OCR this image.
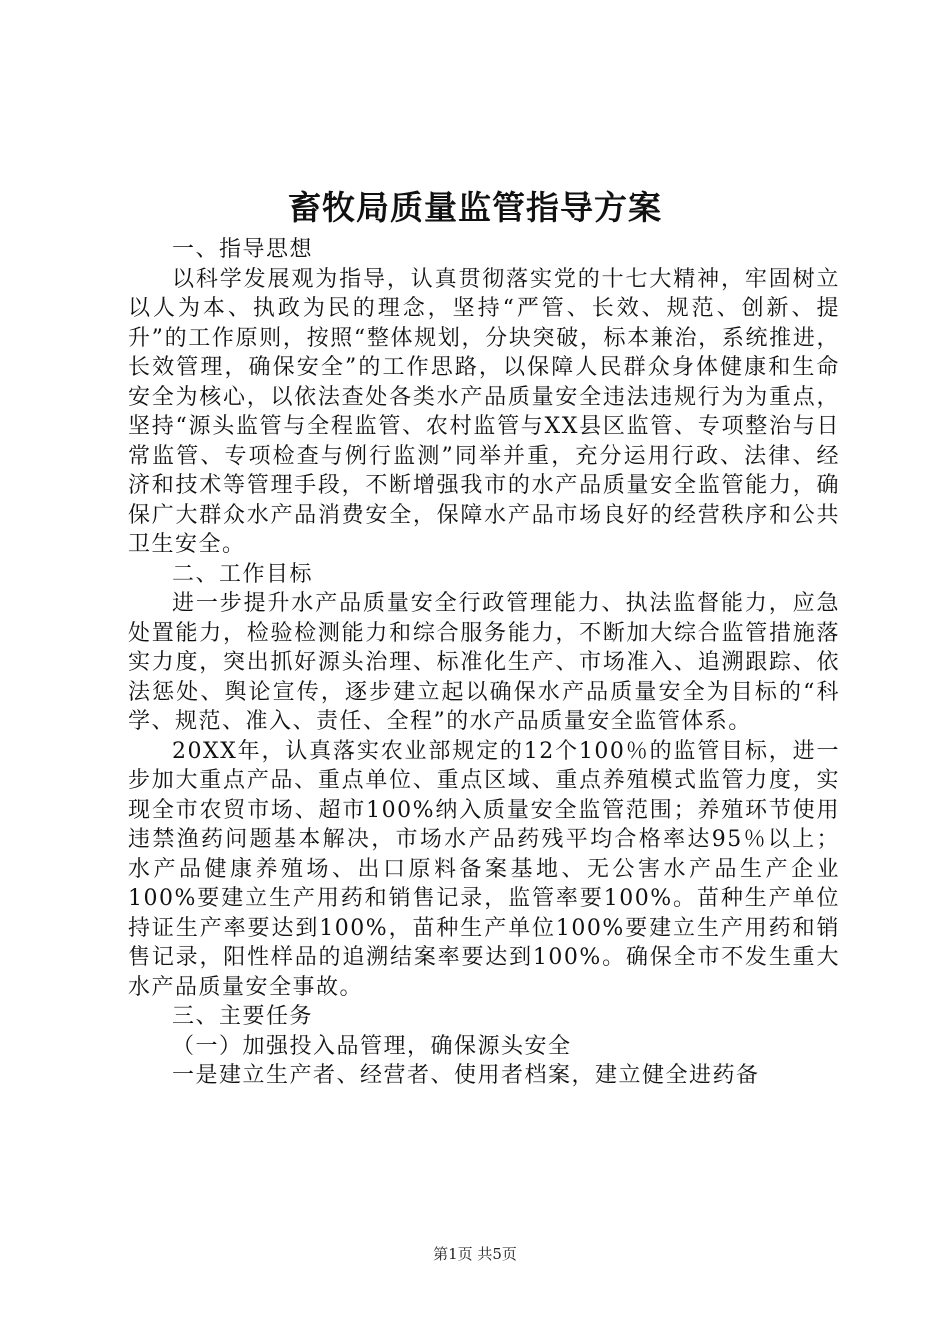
畜牧局质量监管指导方案

一、指导思想

以科学发展观为指导，认真贯彻落实党的十七大精神，牢固树立以人为本、执政为民的理念，坚持“严管、长效、规范、创新、提升”的工作原则，按照“整体规划，分块突破，标本兼治，系统推进，长效管理，确保安全”的工作思路，以保障人民群众身体健康和生命安全为核心，以依法查处各类水产品质量安全违法违规行为为重点，坚持“源头监管与全程监管、农村监管与XX县区监管、专项整治与日常监管、专项检查与例行监测”同举并重，充分运用行政、法律、经济和技术等管理手段，不断增强我市的水产品质量安全监管能力，确保广大群众水产品消费安全，保障水产品市场良好的经营秩序和公共卫生安全。

二、工作目标

进一步提升水产品质量安全行政管理能力、执法监督能力，应急处置能力，检验检测能力和综合服务能力，不断加大综合监管措施落实力度，突出抓好源头治理、标准化生产、市场准入、追溯跟踪、依法惩处、舆论宣传，逐步建立起以确保水产品质量安全为目标的“科学、规范、准入、责任、全程”的水产品质量安全监管体系。

20XX年，认真落实农业部规定的12个100％的监管目标，进一步加大重点产品、重点单位、重点区域、重点养殖模式监管力度，实现全市农贸市场、超市100%纳入质量安全监管范围；养殖环节使用违禁渔药问题基本解决，市场水产品药残平均合格率达95％以上；水产品健康养殖场、出口原料备案基地、无公害水产品生产企业100%要建立生产用药和销售记录，监管率要100%。苗种生产单位持证生产率要达到100%，苗种生产单位100%要建立生产用药和销售记录，阳性样品的追溯结案率要达到100%。确保全市不发生重大水产品质量安全事故。

三、主要任务

（一）加强投入品管理，确保源头安全

一是建立生产者、经营者、使用者档案，建立健全进药备

第1页 共5页
